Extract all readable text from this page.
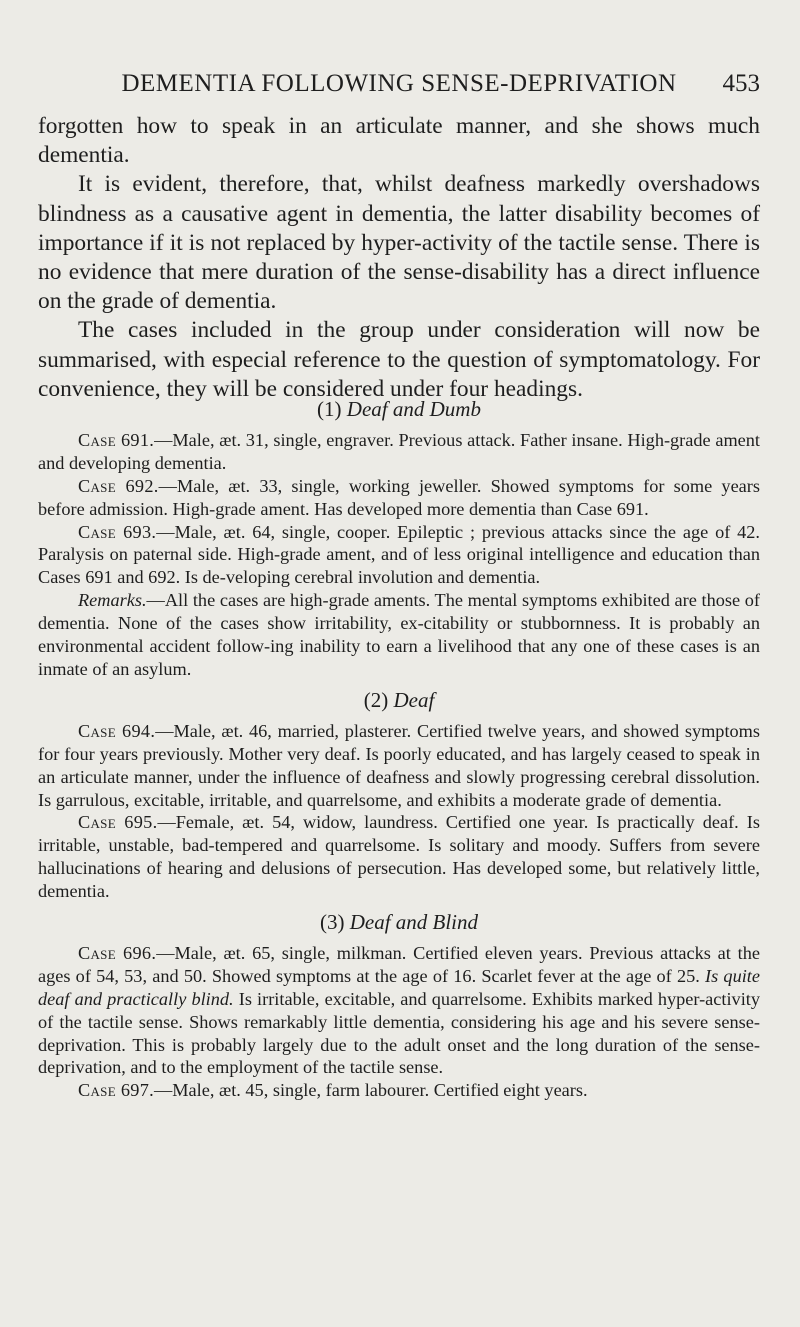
DEMENTIA FOLLOWING SENSE-DEPRIVATION	453

forgotten how to speak in an articulate manner, and she shows much dementia.

It is evident, therefore, that, whilst deafness markedly overshadows blindness as a causative agent in dementia, the latter disability becomes of importance if it is not replaced by hyper-activity of the tactile sense. There is no evidence that mere duration of the sense-disability has a direct influence on the grade of dementia.

The cases included in the group under consideration will now be summarised, with especial reference to the question of symptomatology. For convenience, they will be considered under four headings.

(1) Deaf and Dumb

Case 691.—Male, æt. 31, single, engraver. Previous attack. Father insane. High-grade ament and developing dementia.

Case 692.—Male, æt. 33, single, working jeweller. Showed symptoms for some years before admission. High-grade ament. Has developed more dementia than Case 691.

Case 693.—Male, æt. 64, single, cooper. Epileptic ; previous attacks since the age of 42. Paralysis on paternal side. High-grade ament, and of less original intelligence and education than Cases 691 and 692. Is de-veloping cerebral involution and dementia.

Remarks.—All the cases are high-grade aments. The mental symptoms exhibited are those of dementia. None of the cases show irritability, ex-citability or stubbornness. It is probably an environmental accident follow-ing inability to earn a livelihood that any one of these cases is an inmate of an asylum.

(2) Deaf

Case 694.—Male, æt. 46, married, plasterer. Certified twelve years, and showed symptoms for four years previously. Mother very deaf. Is poorly educated, and has largely ceased to speak in an articulate manner, under the influence of deafness and slowly progressing cerebral dissolution. Is garrulous, excitable, irritable, and quarrelsome, and exhibits a moderate grade of dementia.

Case 695.—Female, æt. 54, widow, laundress. Certified one year. Is practically deaf. Is irritable, unstable, bad-tempered and quarrelsome. Is solitary and moody. Suffers from severe hallucinations of hearing and delusions of persecution. Has developed some, but relatively little, dementia.

(3) Deaf and Blind

Case 696.—Male, æt. 65, single, milkman. Certified eleven years. Previous attacks at the ages of 54, 53, and 50. Showed symptoms at the age of 16. Scarlet fever at the age of 25. Is quite deaf and practically blind. Is irritable, excitable, and quarrelsome. Exhibits marked hyper-activity of the tactile sense. Shows remarkably little dementia, considering his age and his severe sense-deprivation. This is probably largely due to the adult onset and the long duration of the sense-deprivation, and to the employment of the tactile sense.

Case 697.—Male, æt. 45, single, farm labourer. Certified eight years.
